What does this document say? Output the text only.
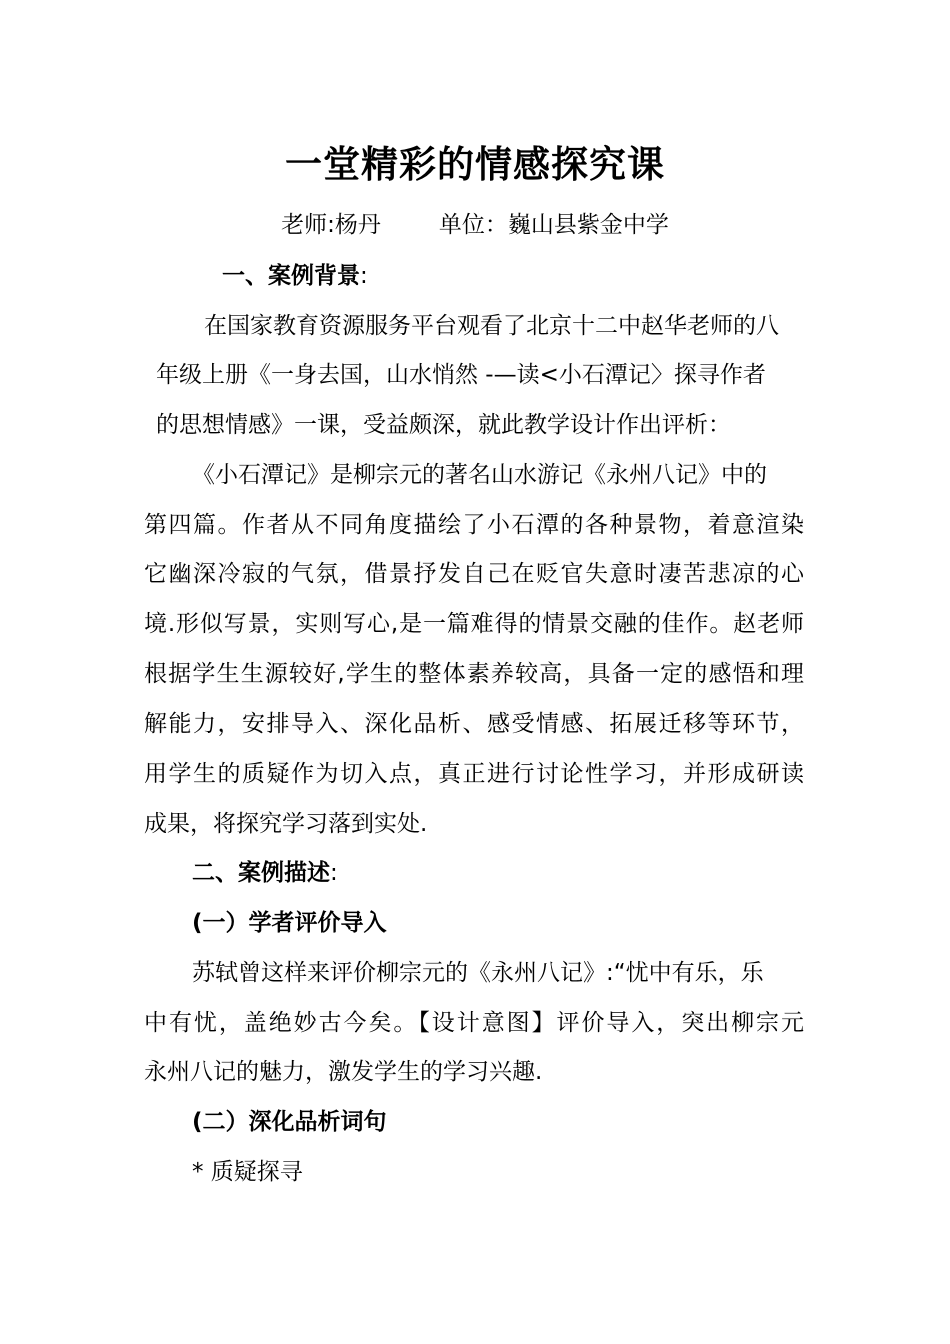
一堂精彩的情感探究课
老师:杨丹	单位：巍山县紫金中学
一、案例背景:
在国家教育资源服务平台观看了北京十二中赵华老师的八
年级上册《一身去国，山水悄然 -—读<小石潭记〉探寻作者
的思想情感》一课，受益颇深，就此教学设计作出评析：
《小石潭记》是柳宗元的著名山水游记《永州八记》中的
第四篇。作者从不同角度描绘了小石潭的各种景物，着意渲染
它幽深冷寂的气氛，借景抒发自己在贬官失意时凄苦悲凉的心
境.形似写景，实则写心,是一篇难得的情景交融的佳作。赵老师
根据学生生源较好,学生的整体素养较高，具备一定的感悟和理
解能力，安排导入、深化品析、感受情感、拓展迁移等环节，
用学生的质疑作为切入点，真正进行讨论性学习，并形成研读
成果，将探究学习落到实处.
二、案例描述:
(一）学者评价导入
苏轼曾这样来评价柳宗元的《永州八记》:“忧中有乐，乐
中有忧，盖绝妙古今矣。【设计意图】评价导入，突出柳宗元
永州八记的魅力，激发学生的学习兴趣.
(二）深化品析词句
* 质疑探寻
